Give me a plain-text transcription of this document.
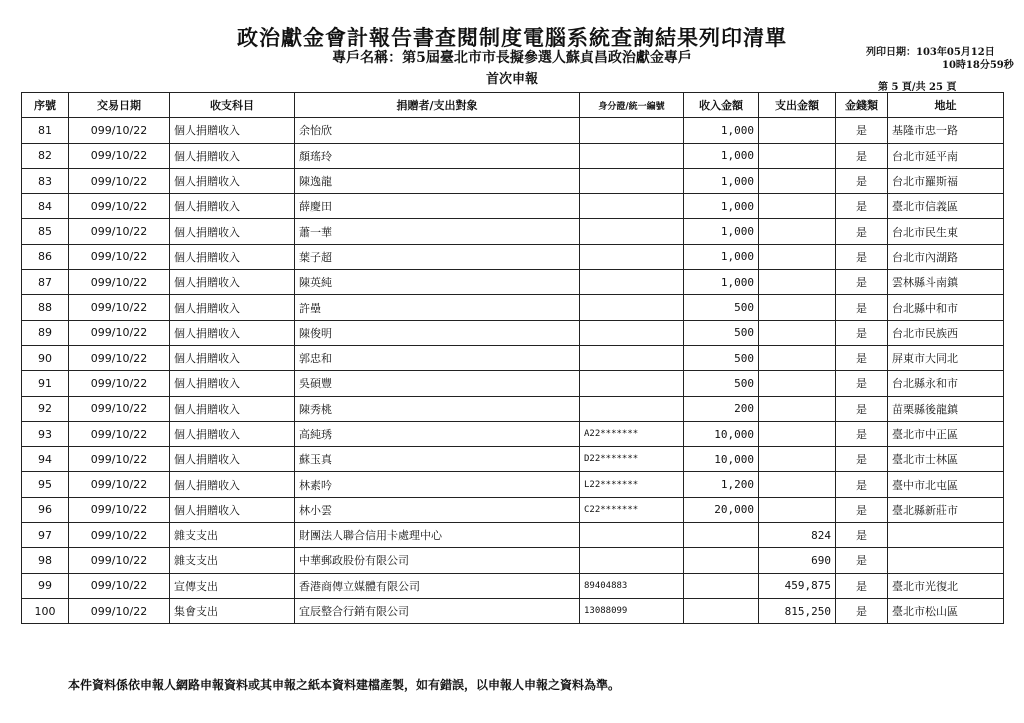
政治獻金會計報告書查閱制度電腦系統查詢結果列印清單
專戶名稱：第5屆臺北市市長擬參選人蘇貞昌政治獻金專戶
首次申報
列印日期：103年05月12日
10時18分59秒
第 5 頁/共 25 頁
序號	交易日期	收支科目	捐贈者/支出對象	身分證/統一編號	收入金額	支出金額	金錢類	地址
81	099/10/22	個人捐贈收入	余怡欣		1,000		是	基隆市忠一路
82	099/10/22	個人捐贈收入	顏瑤玲		1,000		是	台北市延平南
83	099/10/22	個人捐贈收入	陳逸龍		1,000		是	台北市羅斯福
84	099/10/22	個人捐贈收入	薛慶田		1,000		是	臺北市信義區
85	099/10/22	個人捐贈收入	蕭一華		1,000		是	台北市民生東
86	099/10/22	個人捐贈收入	葉子超		1,000		是	台北市內湖路
87	099/10/22	個人捐贈收入	陳英純		1,000		是	雲林縣斗南鎮
88	099/10/22	個人捐贈收入	許壘		500		是	台北縣中和市
89	099/10/22	個人捐贈收入	陳俊明		500		是	台北市民族西
90	099/10/22	個人捐贈收入	郭忠和		500		是	屏東市大同北
91	099/10/22	個人捐贈收入	吳碩豐		500		是	台北縣永和市
92	099/10/22	個人捐贈收入	陳秀桃		200		是	苗栗縣後龍鎮
93	099/10/22	個人捐贈收入	高純琇	A22*******	10,000		是	臺北市中正區
94	099/10/22	個人捐贈收入	蘇玉真	D22*******	10,000		是	臺北市士林區
95	099/10/22	個人捐贈收入	林素吟	L22*******	1,200		是	臺中市北屯區
96	099/10/22	個人捐贈收入	林小雲	C22*******	20,000		是	臺北縣新莊市
97	099/10/22	雜支支出	財團法人聯合信用卡處理中心			824	是	
98	099/10/22	雜支支出	中華郵政股份有限公司			690	是	
99	099/10/22	宣傳支出	香港商傳立媒體有限公司	89404883		459,875	是	臺北市光復北
100	099/10/22	集會支出	宜辰整合行銷有限公司	13088099		815,250	是	臺北市松山區
本件資料係依申報人網路申報資料或其申報之紙本資料建檔產製，如有錯誤，以申報人申報之資料為準。
